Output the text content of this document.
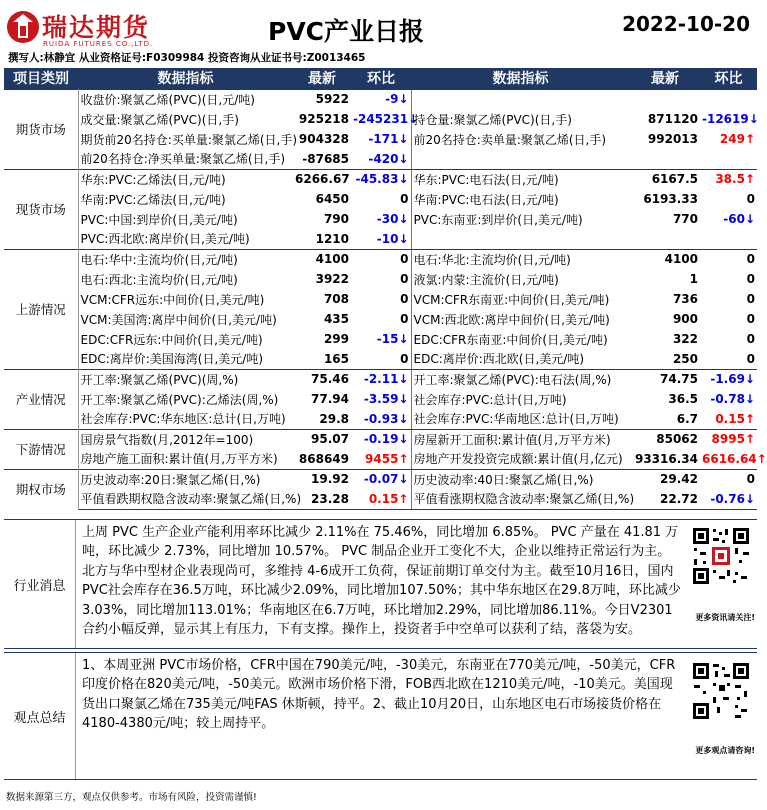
瑞达期货
RUIDA FUTURES CO.,LTD.	PVC产业日报	2022-10-20
撰写人:林静宜 从业资格证号:F0309984 投资咨询从业证书号:Z0013465
项目类别	数据指标	最新	环比	数据指标	最新	环比
期货市场	收盘价:聚氯乙烯(PVC)(日,元/吨)	5922	-9↓			
	成交量:聚氯乙烯(PVC)(日,手)	925218	-245231↓	持仓量:聚氯乙烯(PVC)(日,手)	871120	-12619↓
	期货前20名持仓:买单量:聚氯乙烯(日,手)	904328	-171↓	前20名持仓:卖单量:聚氯乙烯(日,手)	992013	249↑
	前20名持仓:净买单量:聚氯乙烯(日,手)	-87685	-420↓			
现货市场	华东:PVC:乙烯法(日,元/吨)	6266.67	-45.83↓	华东:PVC:电石法(日,元/吨)	6167.5	38.5↑
	华南:PVC:乙烯法(日,元/吨)	6450	0	华南:PVC:电石法(日,元/吨)	6193.33	0
	PVC:中国:到岸价(日,美元/吨)	790	-30↓	PVC:东南亚:到岸价(日,美元/吨)	770	-60↓
	PVC:西北欧:离岸价(日,美元/吨)	1210	-10↓			
上游情况	电石:华中:主流均价(日,元/吨)	4100	0	电石:华北:主流均价(日,元/吨)	4100	0
	电石:西北:主流均价(日,元/吨)	3922	0	液氯:内蒙:主流价(日,元/吨)	1	0
	VCM:CFR远东:中间价(日,美元/吨)	708	0	VCM:CFR东南亚:中间价(日,美元/吨)	736	0
	VCM:美国湾:离岸中间价(日,美元/吨)	435	0	VCM:西北欧:离岸中间价(日,美元/吨)	900	0
	EDC:CFR远东:中间价(日,美元/吨)	299	-15↓	EDC:CFR东南亚:中间价(日,美元/吨)	322	0
	EDC:离岸价:美国海湾(日,美元/吨)	165	0	EDC:离岸价:西北欧(日,美元/吨)	250	0
产业情况	开工率:聚氯乙烯(PVC)(周,%)	75.46	-2.11↓	开工率:聚氯乙烯(PVC):电石法(周,%)	74.75	-1.69↓
	开工率:聚氯乙烯(PVC):乙烯法(周,%)	77.94	-3.59↓	社会库存:PVC:总计(日,万吨)	36.5	-0.78↓
	社会库存:PVC:华东地区:总计(日,万吨)	29.8	-0.93↓	社会库存:PVC:华南地区:总计(日,万吨)	6.7	0.15↑
下游情况	国房景气指数(月,2012年=100)	95.07	-0.19↓	房屋新开工面积:累计值(月,万平方米)	85062	8995↑
	房地产施工面积:累计值(月,万平方米)	868649	9455↑	房地产开发投资完成额:累计值(月,亿元)	93316.34	6616.64↑
期权市场	历史波动率:20日:聚氯乙烯(日,%)	19.92	-0.07↓	历史波动率:40日:聚氯乙烯(日,%)	29.42	0
	平值看跌期权隐含波动率:聚氯乙烯(日,%)	23.28	0.15↑	平值看涨期权隐含波动率:聚氯乙烯(日,%)	22.72	-0.76↓
行业消息
上周 PVC 生产企业产能利用率环比减少 2.11%在 75.46%，同比增加 6.85%。 PVC 产量在 41.81 万吨，环比减少 2.73%，同比增加 10.57%。 PVC 制品企业开工变化不大，企业以维持正常运行为主。北方与华中型材企业表现尚可，多维持 4-6成开工负荷，保证前期订单交付为主。截至10月16日，国内PVC社会库存在36.5万吨，环比减少2.09%，同比增加107.50%；其中华东地区在29.8万吨，环比减少3.03%，同比增加113.01%；华南地区在6.7万吨，环比增加2.29%，同比增加86.11%。今日V2301合约小幅反弹，显示其上有压力，下有支撑。操作上，投资者手中空单可以获利了结，落袋为安。
更多资讯请关注!
观点总结
1、本周亚洲 PVC市场价格，CFR中国在790美元/吨，-30美元，东南亚在770美元/吨，-50美元，CFR印度价格在820美元/吨，-50美元。欧洲市场价格下滑，FOB西北欧在1210美元/吨，-10美元。美国现货出口聚氯乙烯在735美元/吨FAS 休斯顿，持平。2、截止10月20日，山东地区电石市场接货价格在4180-4380元/吨；较上周持平。
更多观点请咨询!
数据来源第三方，观点仅供参考。市场有风险，投资需谨慎!
